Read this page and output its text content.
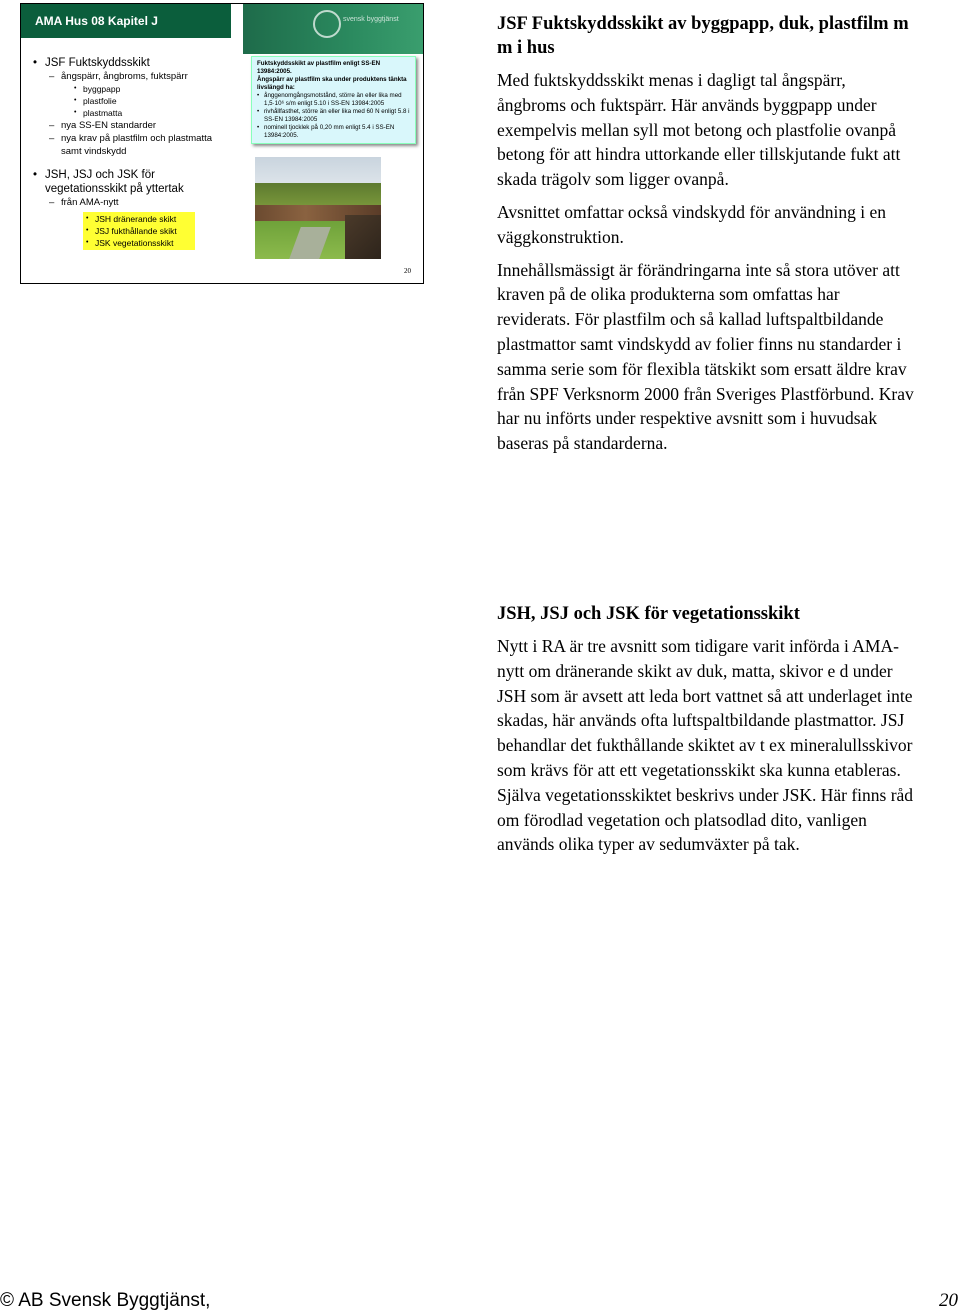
AMA Hus 08 Kapitel J
• JSF Fuktskyddsskikt
– ångspärr, ångbroms, fuktspärr
• byggpapp
• plastfolie
• plastmatta
– nya SS-EN standarder
– nya krav på plastfilm och plastmatta samt vindskydd
• JSH, JSJ och JSK för vegetationsskikt på yttertak
– från AMA-nytt
• JSH dränerande skikt
• JSJ fukthållande skikt
• JSK vegetationsskikt
svensk byggtjänst
Fuktskyddsskikt av plastfilm enligt SS-EN 13984:2005.
Ångspärr av plastfilm ska under produktens tänkta livslängd ha:
• ånggenomgångsmotstånd, större än eller lika med 1,5·10⁶ s/m enligt 5.10 i SS-EN 13984:2005
• rivhållfasthet, större än eller lika med 60 N enligt 5.8 i SS-EN 13984:2005
• nominell tjocklek på 0,20 mm enligt 5.4 i SS-EN 13984:2005.
20
JSF Fuktskyddsskikt av byggpapp, duk, plastfilm m m i hus

Med fuktskyddsskikt menas i dagligt tal ångspärr, ångbroms och fuktspärr. Här används byggpapp under exempelvis mellan syll mot betong och plastfolie ovanpå betong för att hindra uttorkande eller tillskjutande fukt att skada trägolv som ligger ovanpå.

Avsnittet omfattar också vindskydd för användning i en väggkonstruktion.

Innehållsmässigt är förändringarna inte så stora utöver att kraven på de olika produkterna som omfattas har reviderats. För plastfilm och så kallad luftspaltbildande plastmattor samt vindskydd av folier finns nu standarder i samma serie som för flexibla tätskikt som ersatt äldre krav från SPF Verksnorm 2000 från Sveriges Plastförbund. Krav har nu införts under respektive avsnitt som i huvudsak baseras på standarderna.

JSH, JSJ och JSK för vegetationsskikt

Nytt i RA är tre avsnitt som tidigare varit införda i AMA-nytt om dränerande skikt av duk, matta, skivor e d under JSH som är avsett att leda bort vattnet så att underlaget inte skadas, här används ofta luftspaltbildande plastmattor. JSJ behandlar det fukthållande skiktet av t ex mineralullsskivor som krävs för att ett vegetationsskikt ska kunna etableras. Själva vegetationsskiktet beskrivs under JSK. Här finns råd om förodlad vegetation och platsodlad dito, vanligen används olika typer av sedumväxter på tak.

© AB Svensk Byggtjänst,	20
